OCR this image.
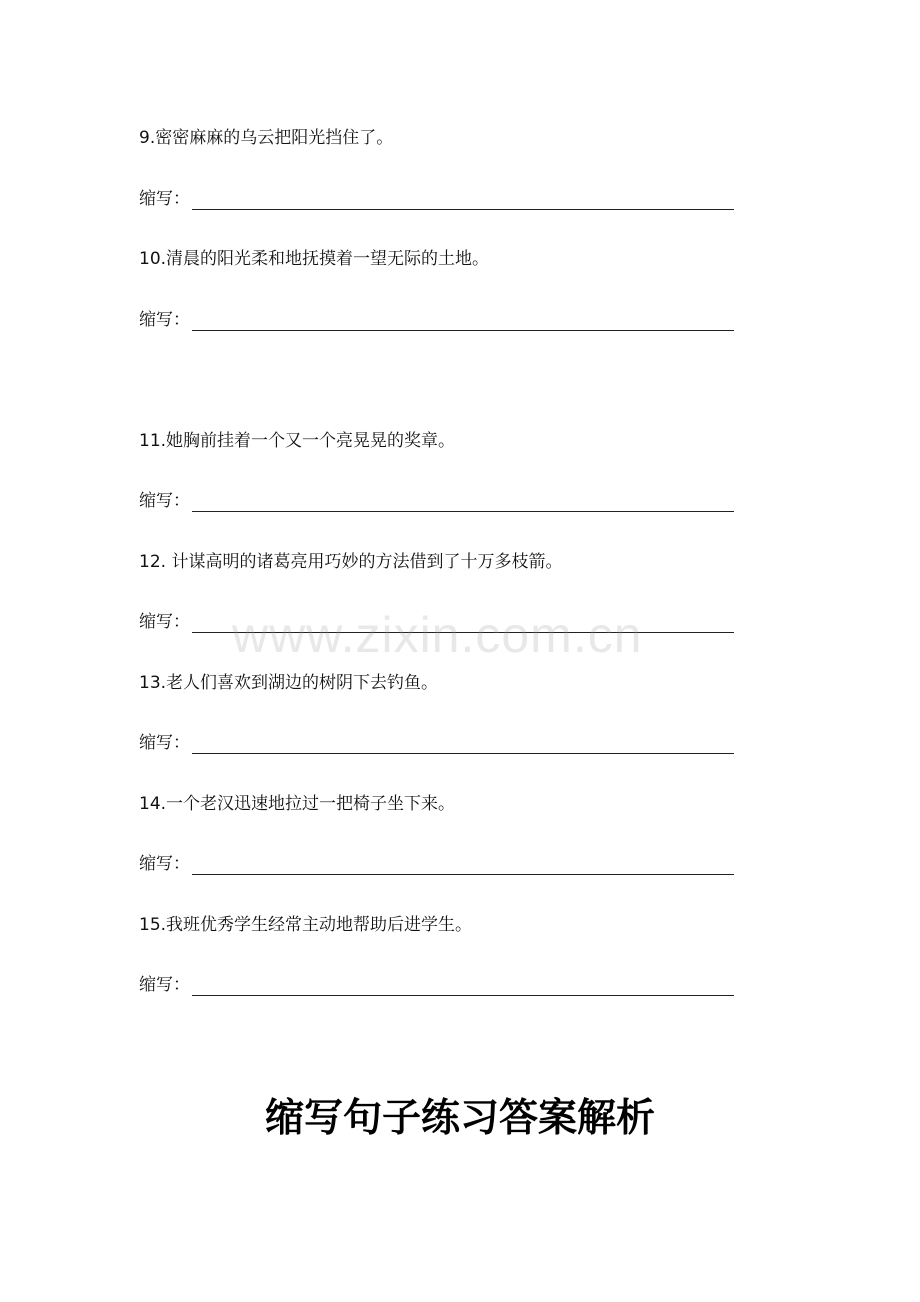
9.密密麻麻的乌云把阳光挡住了。
缩写：
10.清晨的阳光柔和地抚摸着一望无际的土地。
缩写：
11.她胸前挂着一个又一个亮晃晃的奖章。
缩写：
12. 计谋高明的诸葛亮用巧妙的方法借到了十万多枝箭。
缩写：
13.老人们喜欢到湖边的树阴下去钓鱼。
缩写：
14.一个老汉迅速地拉过一把椅子坐下来。
缩写：
15.我班优秀学生经常主动地帮助后进学生。
缩写：
www.zixin.com.cn
缩写句子练习答案解析
